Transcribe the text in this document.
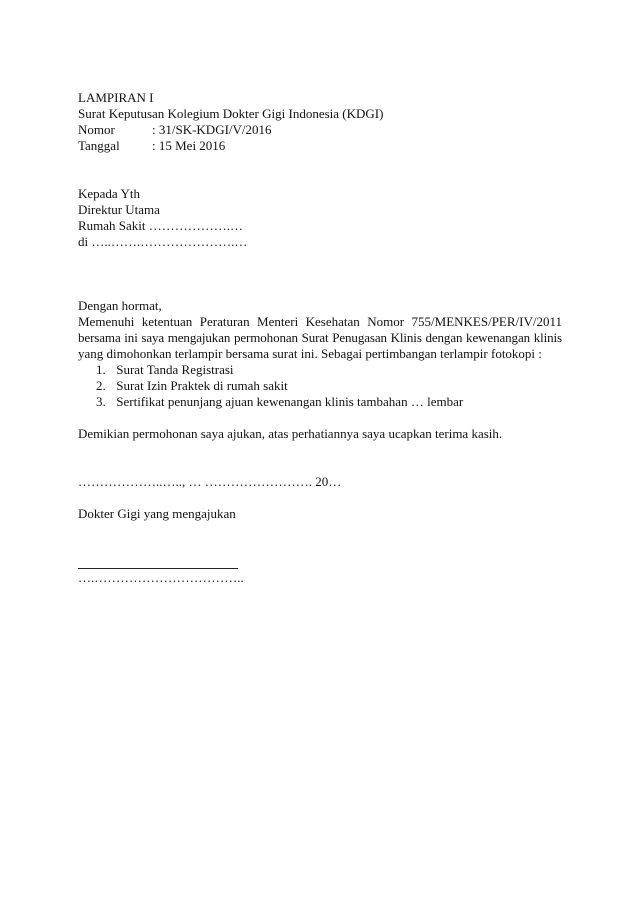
LAMPIRAN I
Surat Keputusan Kolegium Dokter Gigi Indonesia (KDGI)
Nomor	: 31/SK-KDGI/V/2016
Tanggal : 15 Mei 2016
Kepada Yth
Direktur Utama
Rumah Sakit ……………….…
di …..…….………………….…
Dengan hormat,
Memenuhi ketentuan Peraturan Menteri Kesehatan Nomor 755/MENKES/PER/IV/2011
bersama ini saya mengajukan permohonan Surat Penugasan Klinis dengan kewenangan klinis
yang dimohonkan terlampir bersama surat ini. Sebagai pertimbangan terlampir fotokopi :
1. Surat Tanda Registrasi
2. Surat Izin Praktek di rumah sakit
3. Sertifikat penunjang ajuan kewenangan klinis tambahan … lembar
Demikian permohonan saya ajukan, atas perhatiannya saya ucapkan terima kasih.
………………..….., … ……………………. 20…
Dokter Gigi yang mengajukan
….……………………………..
